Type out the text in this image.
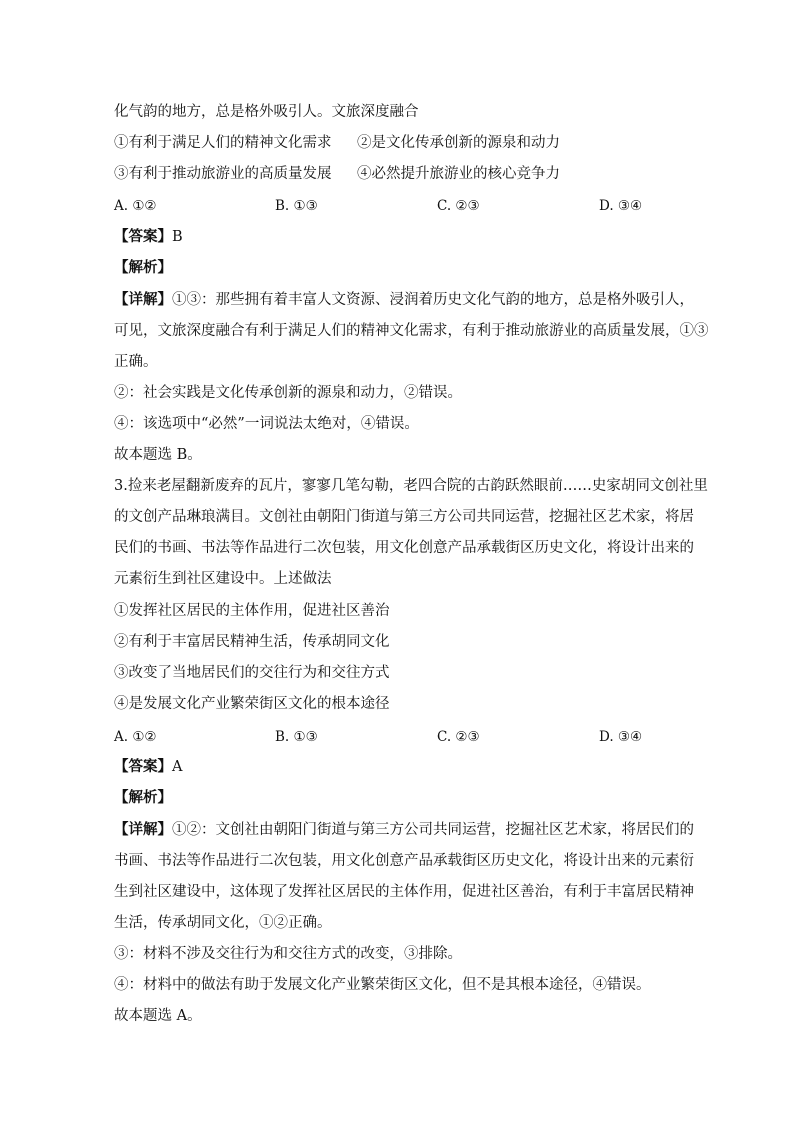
化气韵的地方，总是格外吸引人。文旅深度融合
①有利于满足人们的精神文化需求 ②是文化传承创新的源泉和动力
③有利于推动旅游业的高质量发展 ④必然提升旅游业的核心竞争力
A. ①②	B. ①③	C. ②③	D. ③④
【答案】B
【解析】
【详解】①③：那些拥有着丰富人文资源、浸润着历史文化气韵的地方，总是格外吸引人，
可见，文旅深度融合有利于满足人们的精神文化需求，有利于推动旅游业的高质量发展，①③
正确。
②：社会实践是文化传承创新的源泉和动力，②错误。
④：该选项中“必然”一词说法太绝对，④错误。
故本题选 B。
3.捡来老屋翻新废弃的瓦片，寥寥几笔勾勒，老四合院的古韵跃然眼前……史家胡同文创社里
的文创产品琳琅满目。文创社由朝阳门街道与第三方公司共同运营，挖掘社区艺术家，将居
民们的书画、书法等作品进行二次包装，用文化创意产品承载街区历史文化，将设计出来的
元素衍生到社区建设中。上述做法
①发挥社区居民的主体作用，促进社区善治
②有利于丰富居民精神生活，传承胡同文化
③改变了当地居民们的交往行为和交往方式
④是发展文化产业繁荣街区文化的根本途径
A. ①②	B. ①③	C. ②③	D. ③④
【答案】A
【解析】
【详解】①②：文创社由朝阳门街道与第三方公司共同运营，挖掘社区艺术家，将居民们的
书画、书法等作品进行二次包装，用文化创意产品承载街区历史文化，将设计出来的元素衍
生到社区建设中，这体现了发挥社区居民的主体作用，促进社区善治，有利于丰富居民精神
生活，传承胡同文化，①②正确。
③：材料不涉及交往行为和交往方式的改变，③排除。
④：材料中的做法有助于发展文化产业繁荣街区文化，但不是其根本途径，④错误。
故本题选 A。
